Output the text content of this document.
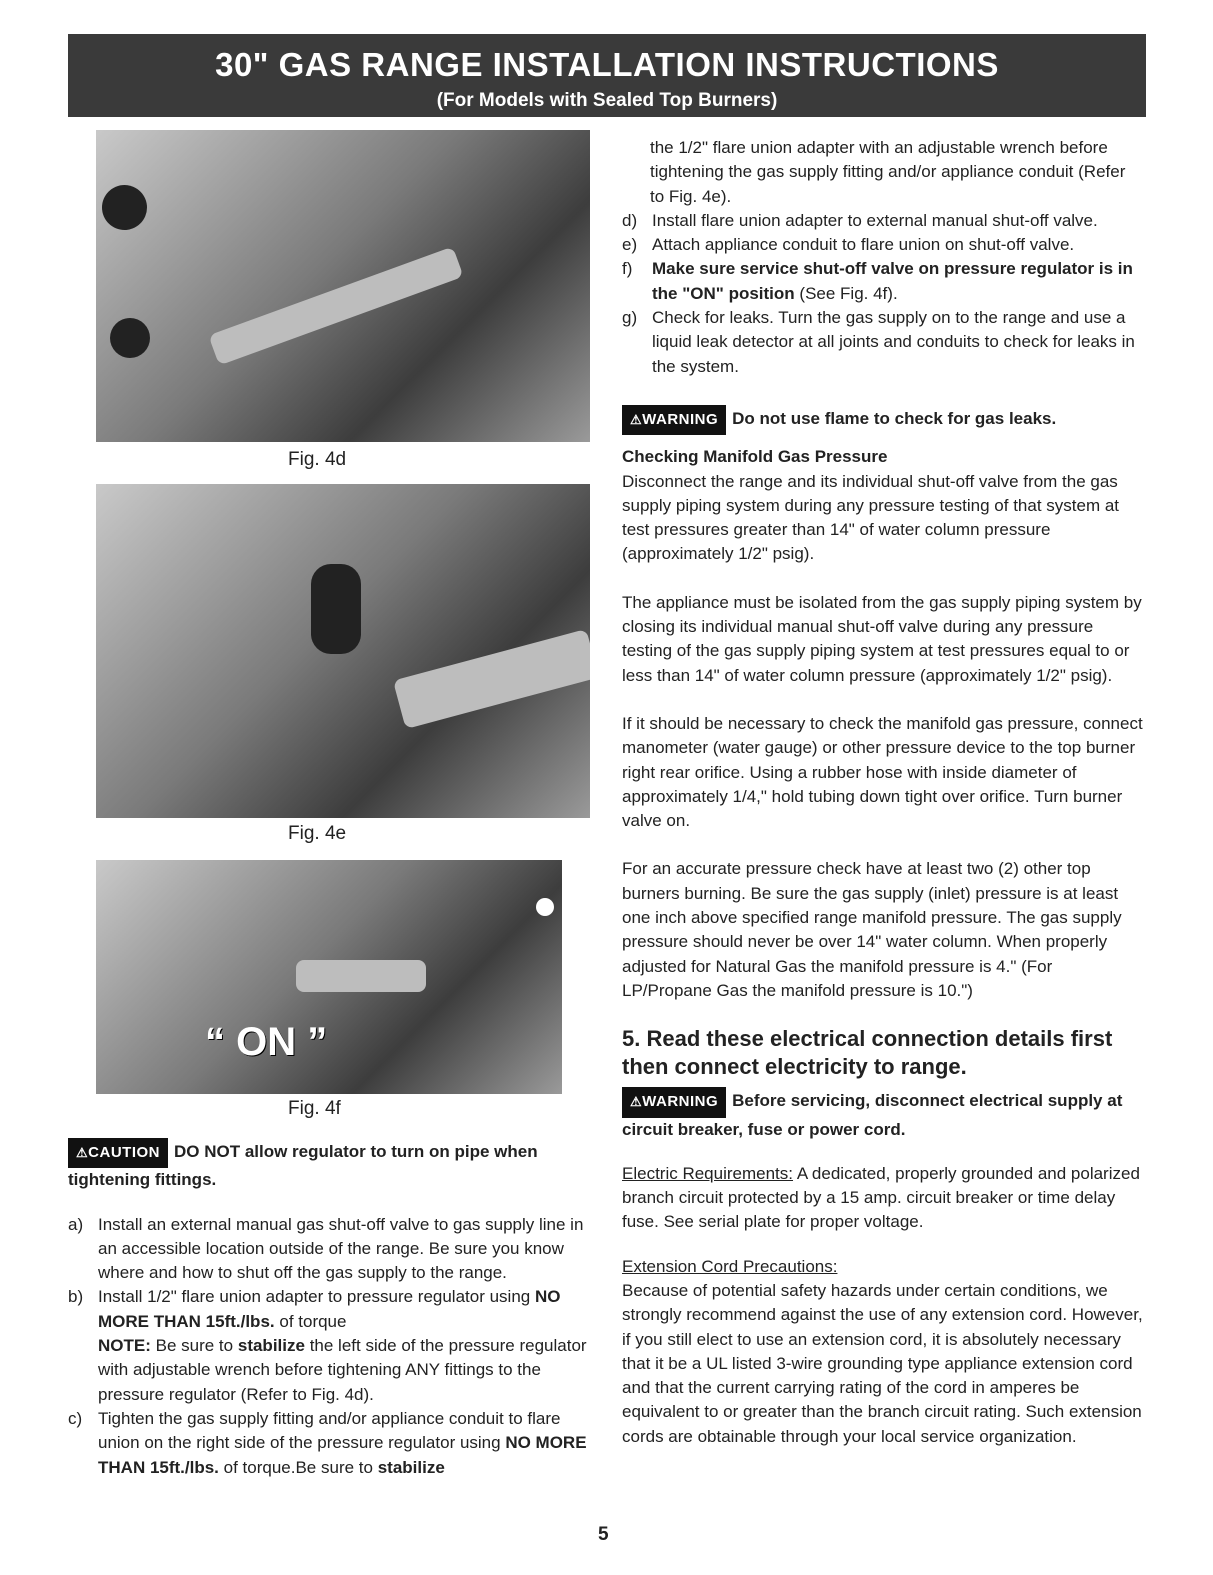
30" GAS RANGE INSTALLATION INSTRUCTIONS
(For Models with Sealed Top Burners)
Fig. 4d
Fig. 4e
“ ON ”
Fig. 4f

⚠CAUTION DO NOT allow regulator to turn on pipe when tightening fittings.

a) Install an external manual gas shut-off valve to gas supply line in an accessible location outside of the range. Be sure you know where and how to shut off the gas supply to the range.
b) Install 1/2" flare union adapter to pressure regulator using NO MORE THAN 15ft./lbs. of torque
NOTE: Be sure to stabilize the left side of the pressure regulator with adjustable wrench before tightening ANY fittings to the pressure regulator (Refer to Fig. 4d).
c) Tighten the gas supply fitting and/or appliance conduit to flare union on the right side of the pressure regulator using NO MORE THAN 15ft./lbs. of torque.Be sure to stabilize
the 1/2" flare union adapter with an adjustable wrench before tightening the gas supply fitting and/or appliance conduit (Refer to Fig. 4e).
d) Install flare union adapter to external manual shut-off valve.
e) Attach appliance conduit to flare union on shut-off valve.
f) Make sure service shut-off valve on pressure regulator is in the "ON" position (See Fig. 4f).
g) Check for leaks. Turn the gas supply on to the range and use a liquid leak detector at all joints and conduits to check for leaks in the system.

⚠WARNING Do not use flame to check for gas leaks.

Checking Manifold Gas Pressure

Disconnect the range and its individual shut-off valve from the gas supply piping system during any pressure testing of that system at test pressures greater than 14" of water column pressure (approximately 1/2" psig).

The appliance must be isolated from the gas supply piping system by closing its individual manual shut-off valve during any pressure testing of the gas supply piping system at test pressures equal to or less than 14" of water column pressure (approximately 1/2" psig).

If it should be necessary to check the manifold gas pressure, connect manometer (water gauge) or other pressure device to the top burner right rear orifice. Using a rubber hose with inside diameter of approximately 1/4," hold tubing down tight over orifice. Turn burner valve on.

For an accurate pressure check have at least two (2) other top burners burning. Be sure the gas supply (inlet) pressure is at least one inch above specified range manifold pressure. The gas supply pressure should never be over 14" water column. When properly adjusted for Natural Gas the manifold pressure is 4." (For LP/Propane Gas the manifold pressure is 10.")

5. Read these electrical connection details first then connect electricity to range.

⚠WARNING Before servicing, disconnect electrical supply at circuit breaker, fuse or power cord.

Electric Requirements: A dedicated, properly grounded and polarized branch circuit protected by a 15 amp. circuit breaker or time delay fuse. See serial plate for proper voltage.

Extension Cord Precautions:

Because of potential safety hazards under certain conditions, we strongly recommend against the use of any extension cord. However, if you still elect to use an extension cord, it is absolutely necessary that it be a UL listed 3-wire grounding type appliance extension cord and that the current carrying rating of the cord in amperes be equivalent to or greater than the branch circuit rating. Such extension cords are obtainable through your local service organization.

5
